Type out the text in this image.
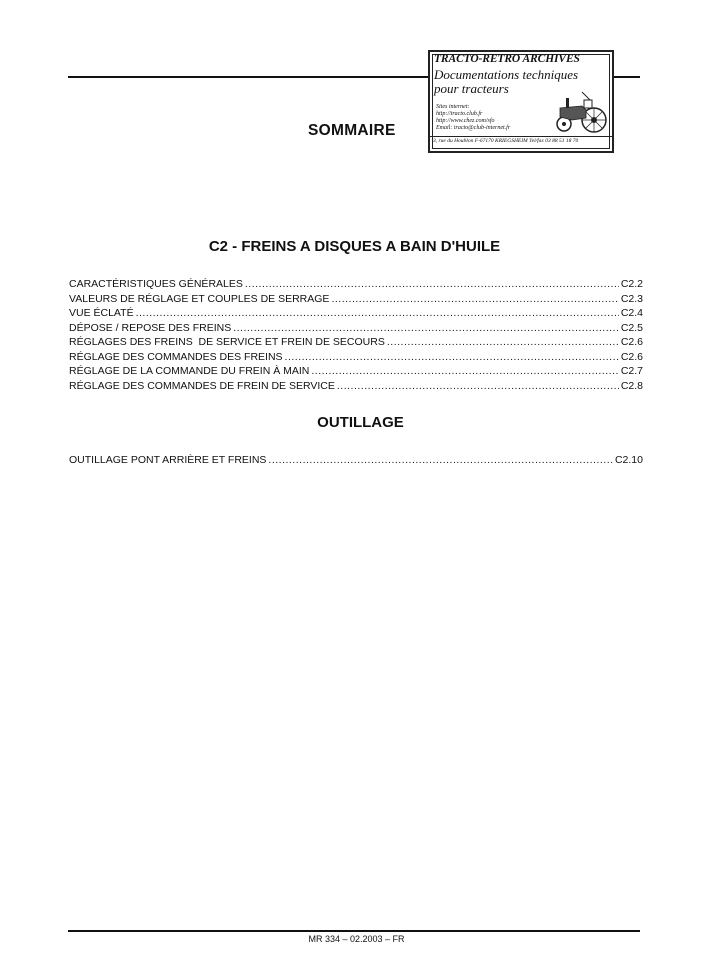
TRACTO-RETRO ARCHIVES
Documentations techniques
pour tracteurs
Sites internet:
http://tracto.club.fr
http://www.chez.com/sfo
Email: tracto@club-internet.fr
3, rue du Houblon F-67170 KRIEGSHEIM Tel/fax 03 88 51 18 70
SOMMAIRE
C2 - FREINS A DISQUES A BAIN D'HUILE
CARACTÉRISTIQUES GÉNÉRALES .....	C2.2
VALEURS DE RÉGLAGE ET COUPLES DE SERRAGE .....	C2.3
VUE ÉCLATÉ .....	C2.4
DÉPOSE / REPOSE DES FREINS .....	C2.5
RÉGLAGES DES FREINS  DE SERVICE ET FREIN DE SECOURS .....	C2.6
RÉGLAGE DES COMMANDES DES FREINS .....	C2.6
RÉGLAGE DE LA COMMANDE DU FREIN À MAIN .....	C2.7
RÉGLAGE DES COMMANDES DE FREIN DE SERVICE .....	C2.8
OUTILLAGE
OUTILLAGE PONT ARRIÈRE ET FREINS .....	C2.10
MR 334 – 02.2003 – FR
